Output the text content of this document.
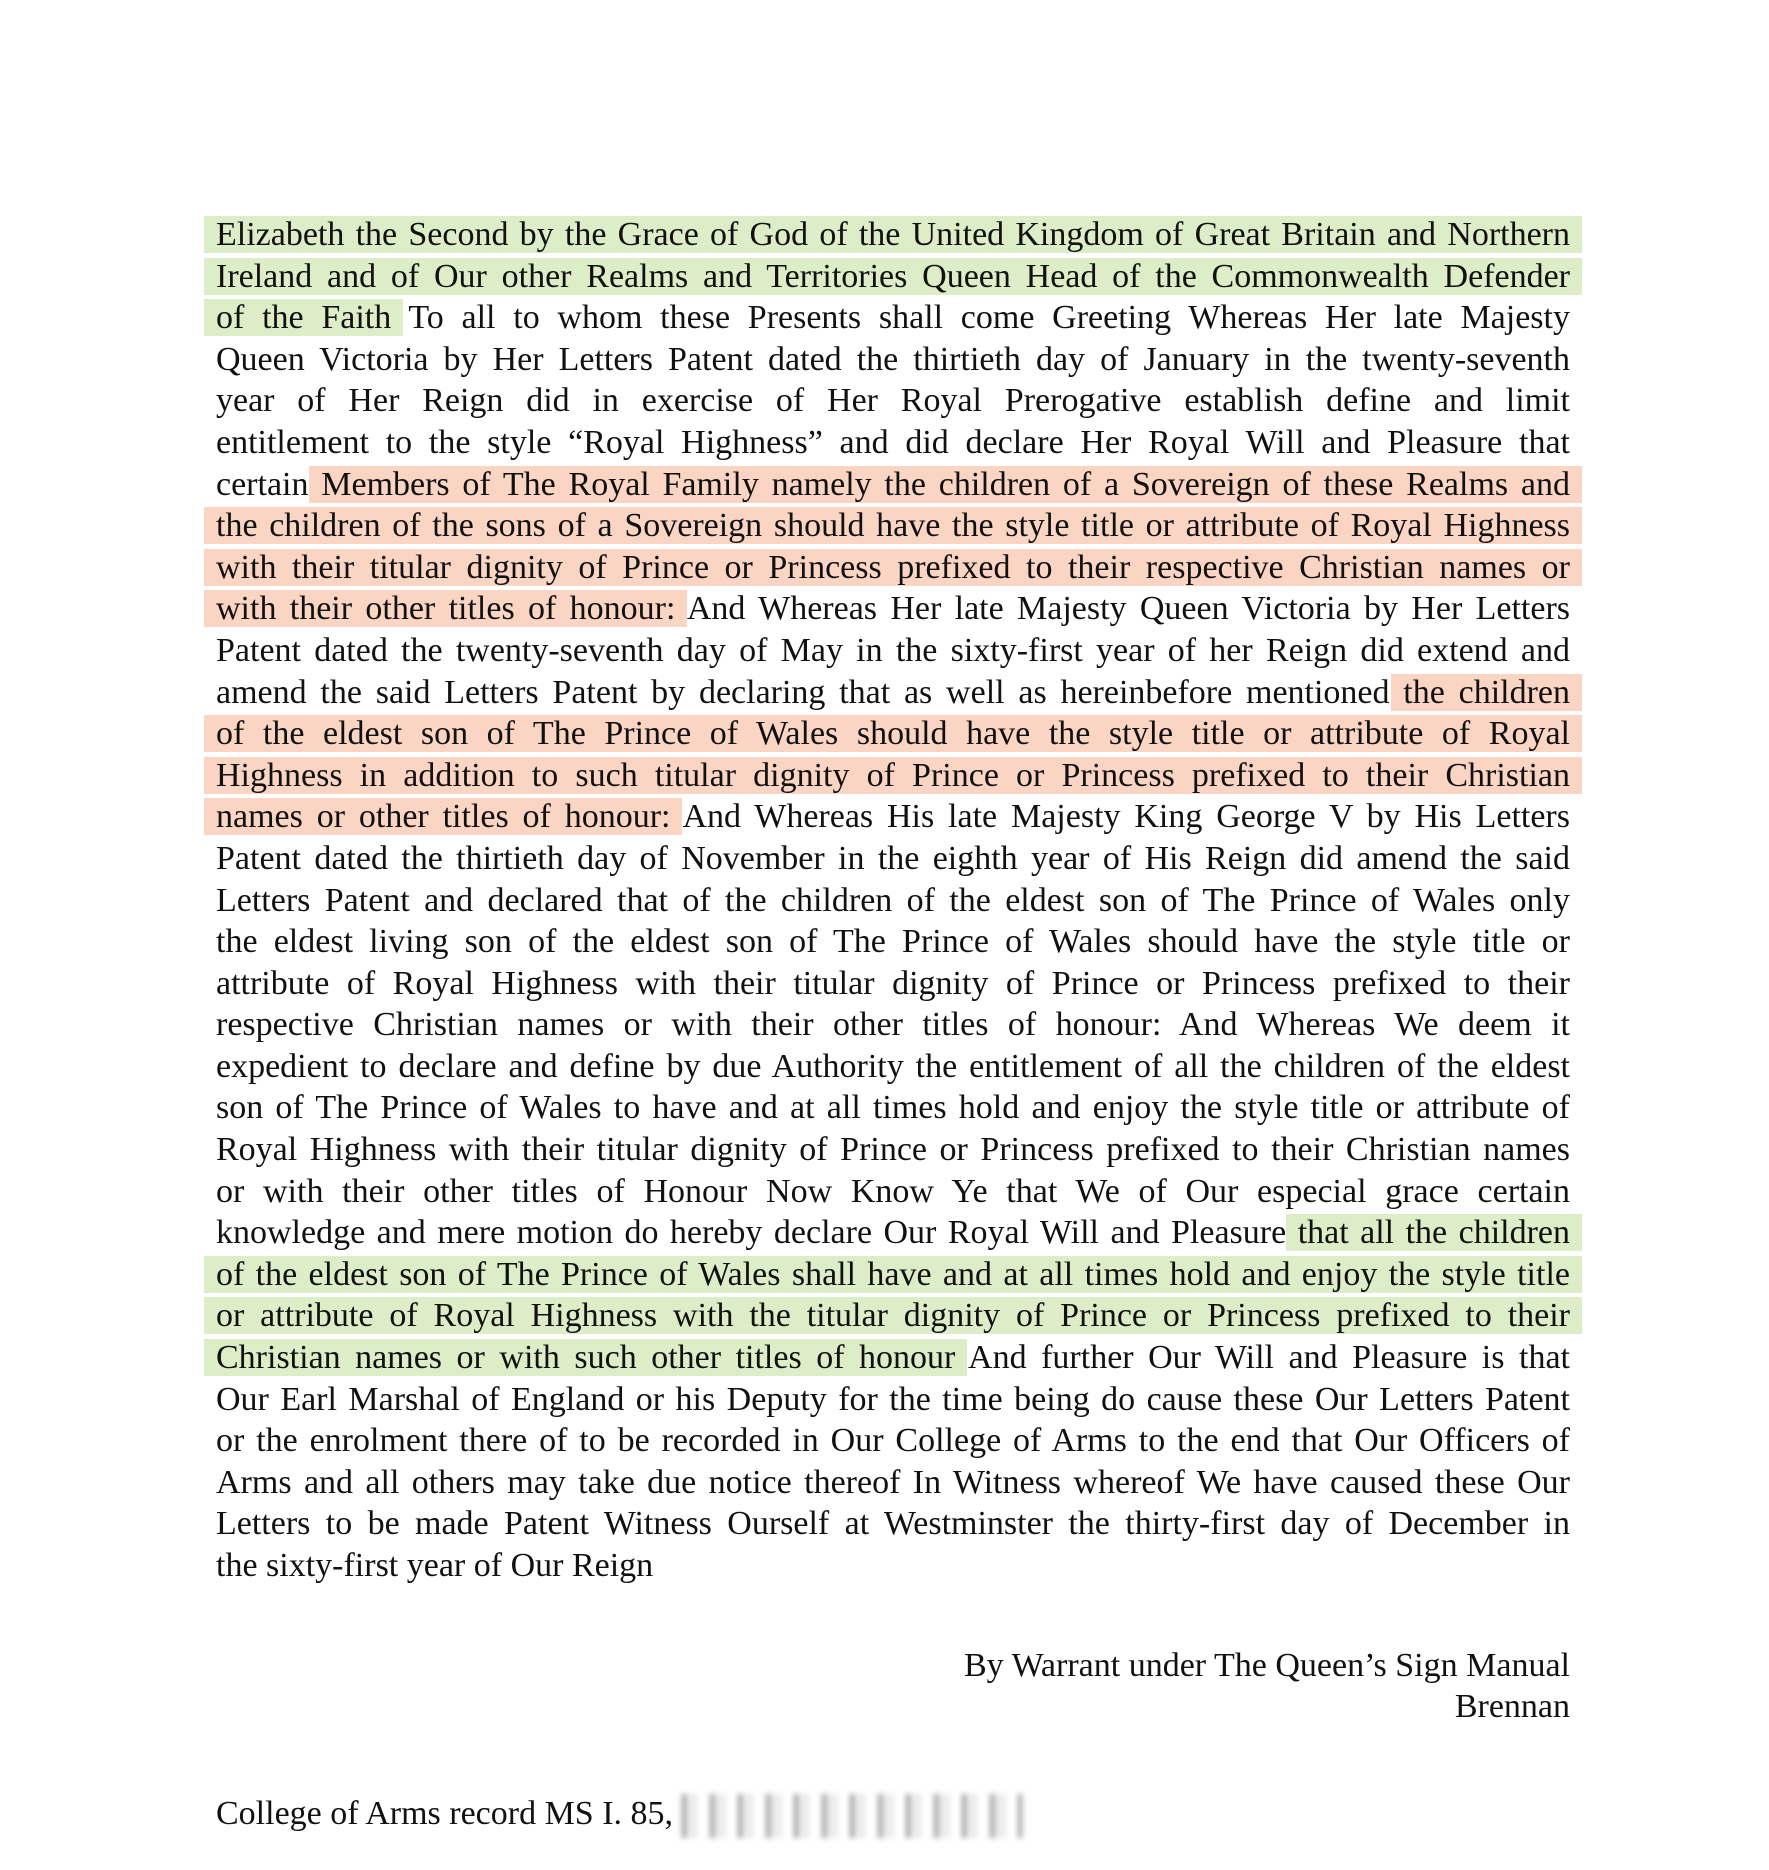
Elizabeth the Second by the Grace of God of the United Kingdom of Great Britain and Northern
Ireland and of Our other Realms and Territories Queen Head of the Commonwealth Defender
of the Faith To all to whom these Presents shall come Greeting Whereas Her late Majesty
Queen Victoria by Her Letters Patent dated the thirtieth day of January in the twenty-seventh
year of Her Reign did in exercise of Her Royal Prerogative establish define and limit
entitlement to the style “Royal Highness” and did declare Her Royal Will and Pleasure that
certain Members of The Royal Family namely the children of a Sovereign of these Realms and
the children of the sons of a Sovereign should have the style title or attribute of Royal Highness
with their titular dignity of Prince or Princess prefixed to their respective Christian names or
with their other titles of honour: And Whereas Her late Majesty Queen Victoria by Her Letters
Patent dated the twenty-seventh day of May in the sixty-first year of her Reign did extend and
amend the said Letters Patent by declaring that as well as hereinbefore mentioned the children
of the eldest son of The Prince of Wales should have the style title or attribute of Royal
Highness in addition to such titular dignity of Prince or Princess prefixed to their Christian
names or other titles of honour: And Whereas His late Majesty King George V by His Letters
Patent dated the thirtieth day of November in the eighth year of His Reign did amend the said
Letters Patent and declared that of the children of the eldest son of The Prince of Wales only
the eldest living son of the eldest son of The Prince of Wales should have the style title or
attribute of Royal Highness with their titular dignity of Prince or Princess prefixed to their
respective Christian names or with their other titles of honour: And Whereas We deem it
expedient to declare and define by due Authority the entitlement of all the children of the eldest
son of The Prince of Wales to have and at all times hold and enjoy the style title or attribute of
Royal Highness with their titular dignity of Prince or Princess prefixed to their Christian names
or with their other titles of Honour Now Know Ye that We of Our especial grace certain
knowledge and mere motion do hereby declare Our Royal Will and Pleasure that all the children
of the eldest son of The Prince of Wales shall have and at all times hold and enjoy the style title
or attribute of Royal Highness with the titular dignity of Prince or Princess prefixed to their
Christian names or with such other titles of honour And further Our Will and Pleasure is that
Our Earl Marshal of England or his Deputy for the time being do cause these Our Letters Patent
or the enrolment there of to be recorded in Our College of Arms to the end that Our Officers of
Arms and all others may take due notice thereof In Witness whereof We have caused these Our
Letters to be made Patent Witness Ourself at Westminster the thirty-first day of December in
the sixty-first year of Our Reign
By Warrant under The Queen’s Sign Manual
Brennan
College of Arms record MS I. 85,
